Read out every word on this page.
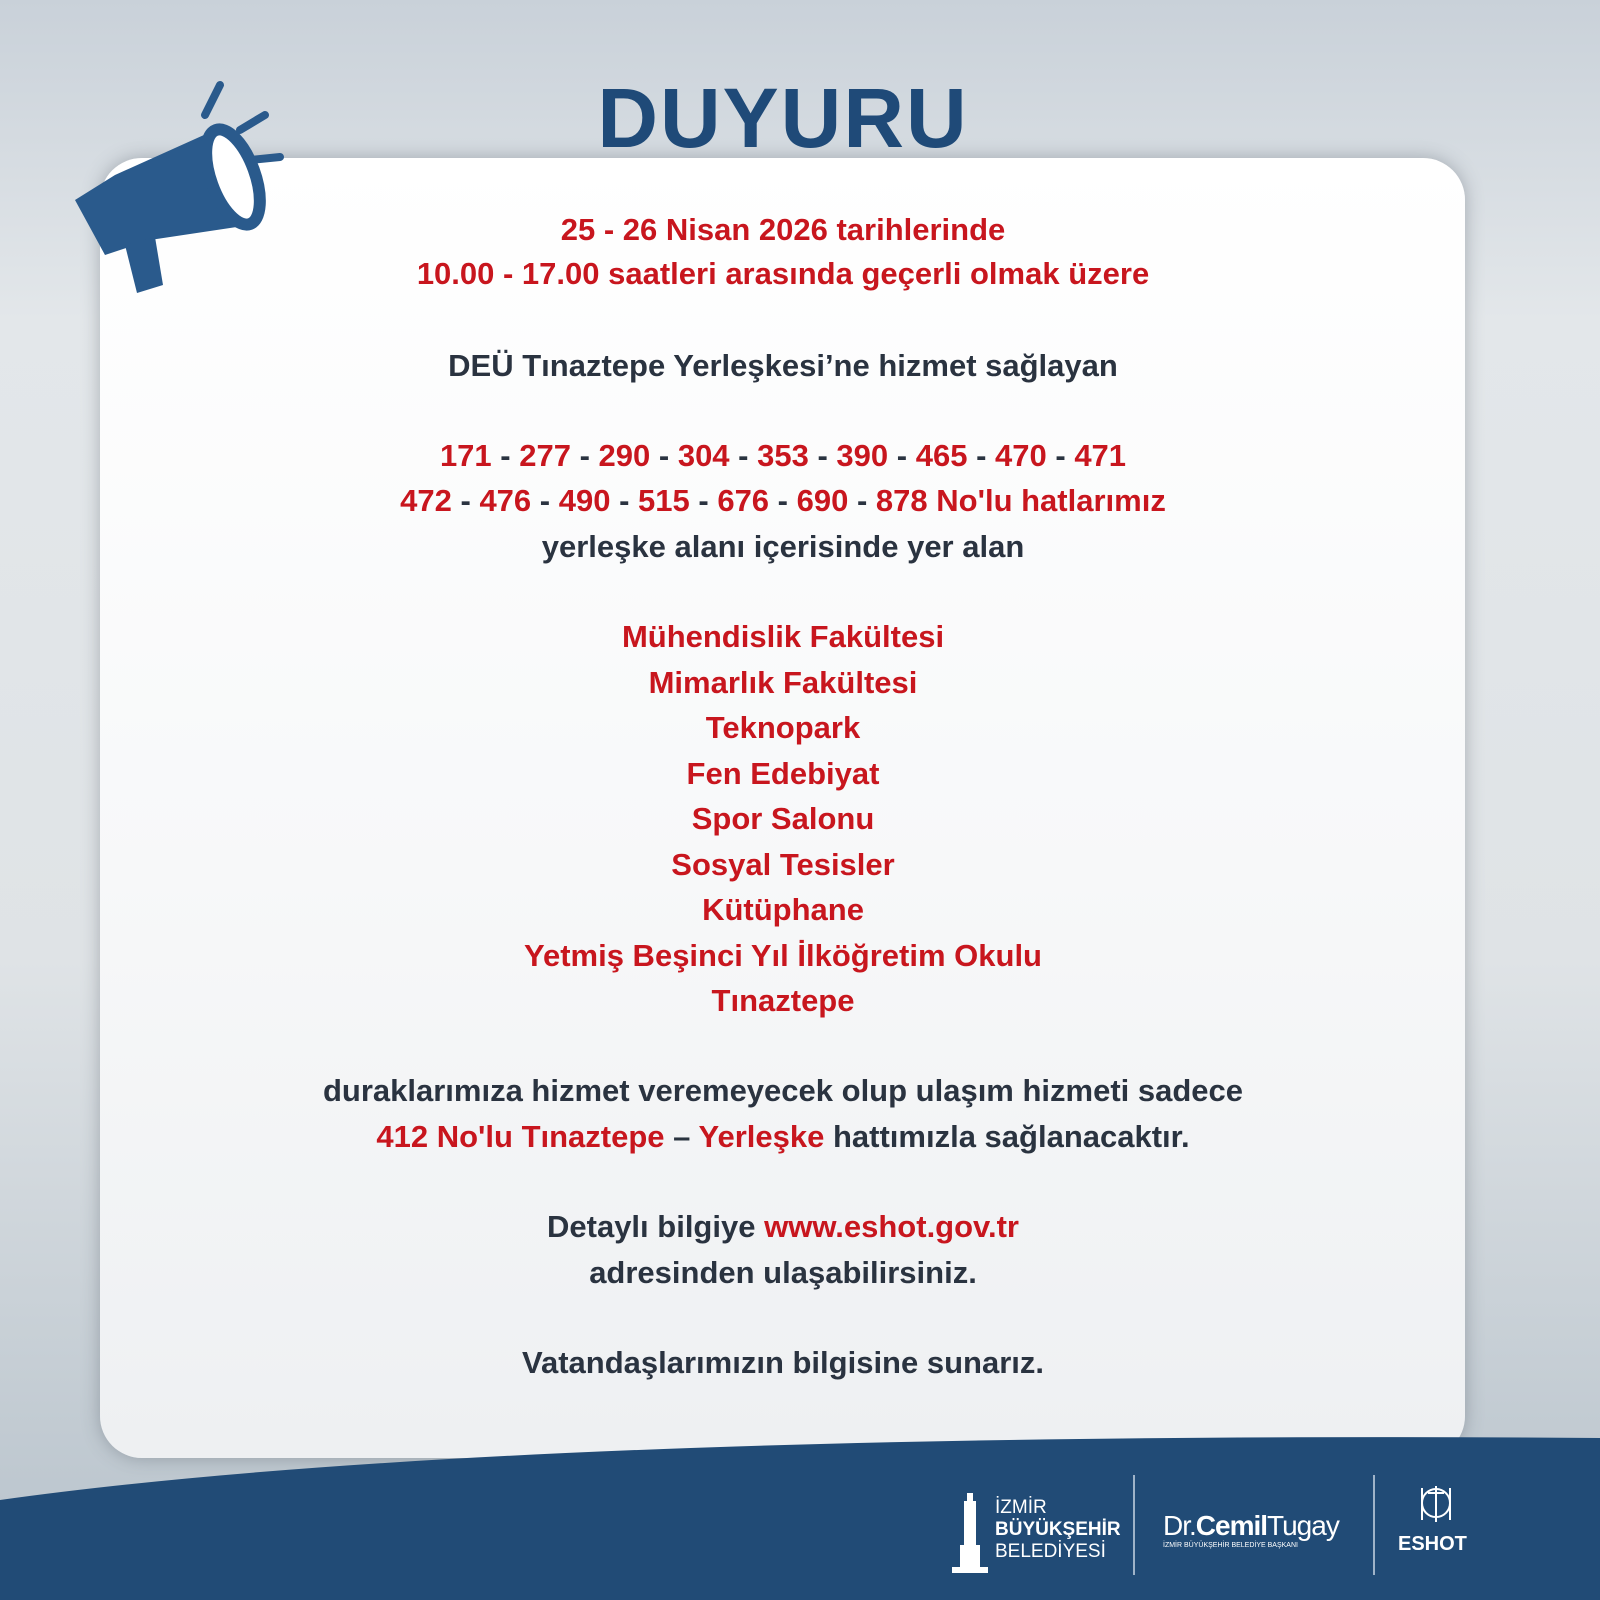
DUYURU
25 - 26 Nisan 2026 tarihlerinde
10.00 - 17.00 saatleri arasında geçerli olmak üzere
DEÜ Tınaztepe Yerleşkesi’ne hizmet sağlayan
171 - 277 - 290 - 304 - 353 - 390 - 465 - 470 - 471
472 - 476 - 490 - 515 - 676 - 690 - 878 No'lu hatlarımız
yerleşke alanı içerisinde yer alan
Mühendislik Fakültesi
Mimarlık Fakültesi
Teknopark
Fen Edebiyat
Spor Salonu
Sosyal Tesisler
Kütüphane
Yetmiş Beşinci Yıl İlköğretim Okulu
Tınaztepe
duraklarımıza hizmet veremeyecek olup ulaşım hizmeti sadece
412 No'lu Tınaztepe – Yerleşke hattımızla sağlanacaktır.
Detaylı bilgiye www.eshot.gov.tr
adresinden ulaşabilirsiniz.
Vatandaşlarımızın bilgisine sunarız.
İZMİR
BÜYÜKŞEHİR
BELEDİYESİ
Dr.CemilTugay
İZMİR BÜYÜKŞEHİR BELEDİYE BAŞKANI	ESHOT
